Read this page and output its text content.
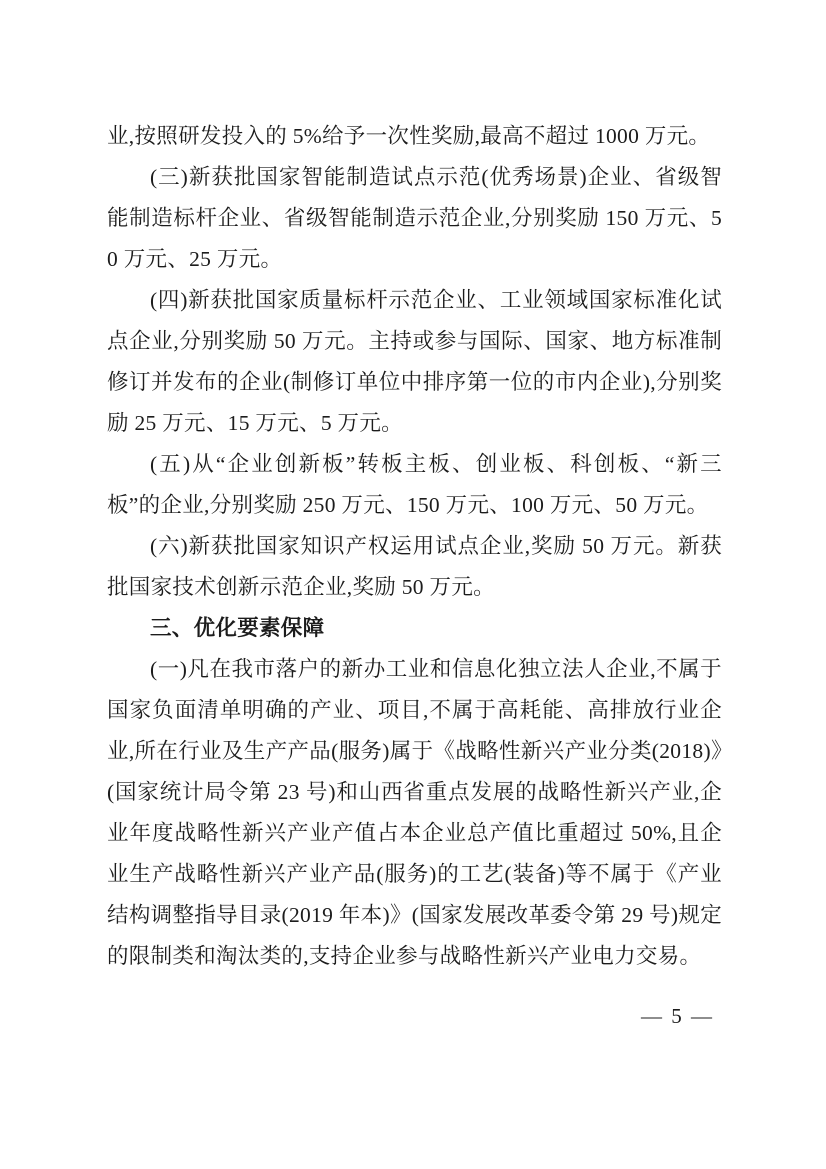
业,按照研发投入的 5%给予一次性奖励,最高不超过 1000 万元。

(三)新获批国家智能制造试点示范(优秀场景)企业、省级智能制造标杆企业、省级智能制造示范企业,分别奖励 150 万元、50 万元、25 万元。

(四)新获批国家质量标杆示范企业、工业领域国家标准化试点企业,分别奖励 50 万元。主持或参与国际、国家、地方标准制修订并发布的企业(制修订单位中排序第一位的市内企业),分别奖励 25 万元、15 万元、5 万元。

(五)从“企业创新板”转板主板、创业板、科创板、“新三板”的企业,分别奖励 250 万元、150 万元、100 万元、50 万元。

(六)新获批国家知识产权运用试点企业,奖励 50 万元。新获批国家技术创新示范企业,奖励 50 万元。

三、优化要素保障

(一)凡在我市落户的新办工业和信息化独立法人企业,不属于国家负面清单明确的产业、项目,不属于高耗能、高排放行业企业,所在行业及生产产品(服务)属于《战略性新兴产业分类(2018)》(国家统计局令第 23 号)和山西省重点发展的战略性新兴产业,企业年度战略性新兴产业产值占本企业总产值比重超过 50%,且企业生产战略性新兴产业产品(服务)的工艺(装备)等不属于《产业结构调整指导目录(2019 年本)》(国家发展改革委令第 29 号)规定的限制类和淘汰类的,支持企业参与战略性新兴产业电力交易。

— 5 —
